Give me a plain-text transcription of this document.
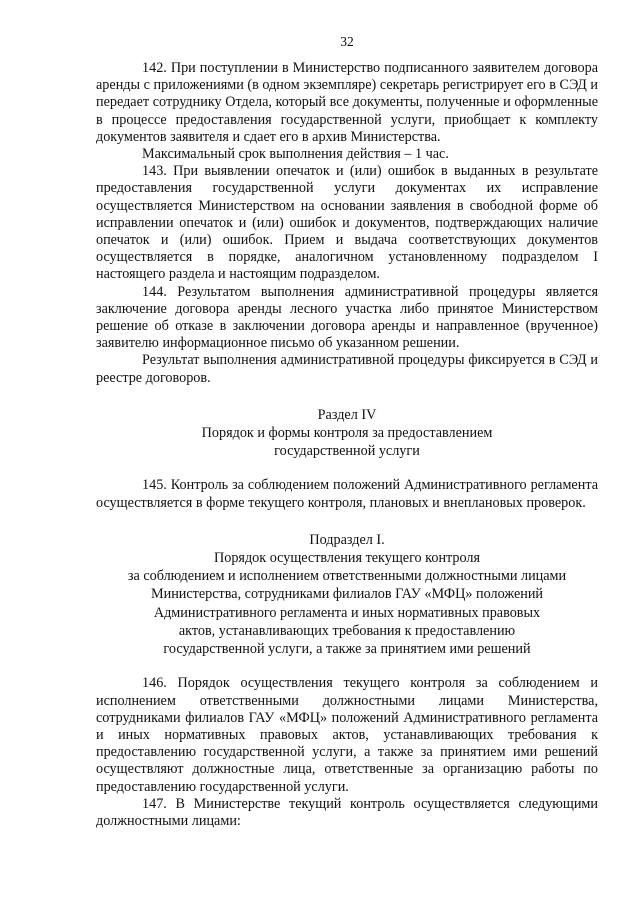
32

142. При поступлении в Министерство подписанного заявителем договора аренды с приложениями (в одном экземпляре) секретарь регистрирует его в СЭД и передает сотруднику Отдела, который все документы, полученные и оформленные в процессе предоставления государственной услуги, приобщает к комплекту документов заявителя и сдает его в архив Министерства.

Максимальный срок выполнения действия – 1 час.

143. При выявлении опечаток и (или) ошибок в выданных в результате предоставления государственной услуги документах их исправление осуществляется Министерством на основании заявления в свободной форме об исправлении опечаток и (или) ошибок и документов, подтверждающих наличие опечаток и (или) ошибок. Прием и выдача соответствующих документов осуществляется в порядке, аналогичном установленному подразделом I настоящего раздела и настоящим подразделом.

144. Результатом выполнения административной процедуры является заключение договора аренды лесного участка либо принятое Министерством решение об отказе в заключении договора аренды и направленное (врученное) заявителю информационное письмо об указанном решении.

Результат выполнения административной процедуры фиксируется в СЭД и реестре договоров.

Раздел IV

Порядок и формы контроля за предоставлением

государственной услуги

145. Контроль за соблюдением положений Административного регламента осуществляется в форме текущего контроля, плановых и внеплановых проверок.

Подраздел I.

Порядок осуществления текущего контроля

за соблюдением и исполнением ответственными должностными лицами

Министерства, сотрудниками филиалов ГАУ «МФЦ» положений

Административного регламента и иных нормативных правовых

актов, устанавливающих требования к предоставлению

государственной услуги, а также за принятием ими решений

146. Порядок осуществления текущего контроля за соблюдением и исполнением ответственными должностными лицами Министерства, сотрудниками филиалов ГАУ «МФЦ» положений Административного регламента и иных нормативных правовых актов, устанавливающих требования к предоставлению государственной услуги, а также за принятием ими решений осуществляют должностные лица, ответственные за организацию работы по предоставлению государственной услуги.

147. В Министерстве текущий контроль осуществляется следующими должностными лицами:
